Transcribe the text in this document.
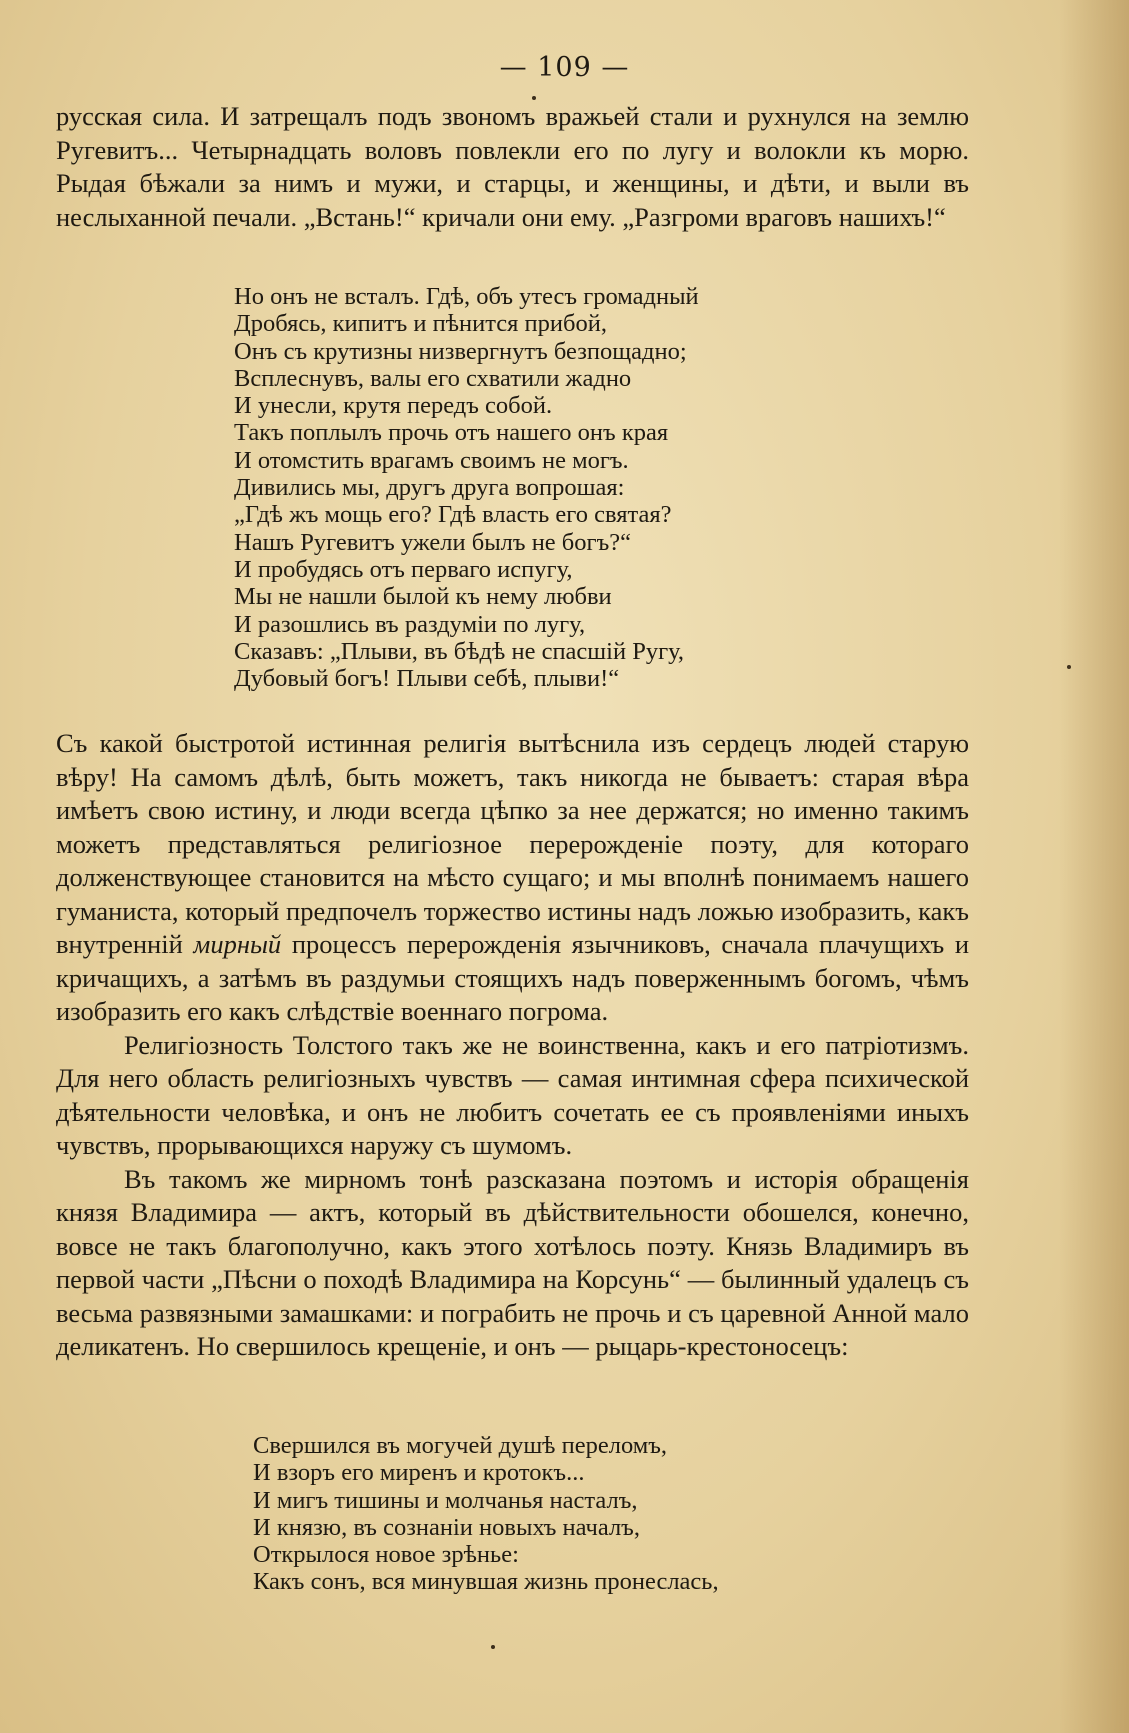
— 109 —

русская сила. И затрещалъ подъ звономъ вражьей стали и рухнулся на землю Ругевитъ... Четырнадцать воловъ повлекли его по лугу и волокли къ морю. Рыдая бѣжали за нимъ и мужи, и старцы, и женщины, и дѣти, и выли въ неслыханной печали. „Встань!“ кричали они ему. „Разгроми враговъ нашихъ!“

Но онъ не всталъ. Гдѣ, объ утесъ громадный
Дробясь, кипитъ и пѣнится прибой,
Онъ съ крутизны низвергнутъ безпощадно;
Всплеснувъ, валы его схватили жадно
И унесли, крутя передъ собой.
Такъ поплылъ прочь отъ нашего онъ края
И отомстить врагамъ своимъ не могъ.
Дивились мы, другъ друга вопрошая:
„Гдѣ жъ мощь его? Гдѣ власть его святая?
Нашъ Ругевитъ ужели былъ не богъ?“
И пробудясь отъ перваго испугу,
Мы не нашли былой къ нему любви
И разошлись въ раздумiи по лугу,
Сказавъ: „Плыви, въ бѣдѣ не спасшiй Ругу,
Дубовый богъ! Плыви себѣ, плыви!“

Съ какой быстротой истинная религiя вытѣснила изъ сердецъ людей старую вѣру! На самомъ дѣлѣ, быть можетъ, такъ никогда не бываетъ: старая вѣра имѣетъ свою истину, и люди всегда цѣпко за нее держатся; но именно такимъ можетъ представляться религiозное перерожденiе поэту, для котораго долженствующее становится на мѣсто сущаго; и мы вполнѣ понимаемъ нашего гуманиста, который предпочелъ торжество истины надъ ложью изобразить, какъ внутреннiй мирный процессъ перерожденiя язычниковъ, сначала плачущихъ и кричащихъ, а затѣмъ въ раздумьи стоящихъ надъ поверженнымъ богомъ, чѣмъ изобразить его какъ слѣдствiе военнаго погрома.

Религiозность Толстого такъ же не воинственна, какъ и его патрiотизмъ. Для него область религiозныхъ чувствъ — самая интимная сфера психической дѣятельности человѣка, и онъ не любитъ сочетать ее съ проявленiями иныхъ чувствъ, прорывающихся наружу съ шумомъ.

Въ такомъ же мирномъ тонѣ разсказана поэтомъ и исторiя обращенiя князя Владимира — актъ, который въ дѣйствительности обошелся, конечно, вовсе не такъ благополучно, какъ этого хотѣлось поэту. Князь Владимиръ въ первой части „Пѣсни о походѣ Владимира на Корсунь“ — былинный удалецъ съ весьма развязными замашками: и пограбить не прочь и съ царевной Анной мало деликатенъ. Но свершилось крещенiе, и онъ — рыцарь-крестоносецъ:

Свершился въ могучей душѣ переломъ,
И взоръ его миренъ и кротокъ...
И мигъ тишины и молчанья насталъ,
И князю, въ сознанiи новыхъ началъ,
Открылося новое зрѣнье:
Какъ сонъ, вся минувшая жизнь пронеслась,
